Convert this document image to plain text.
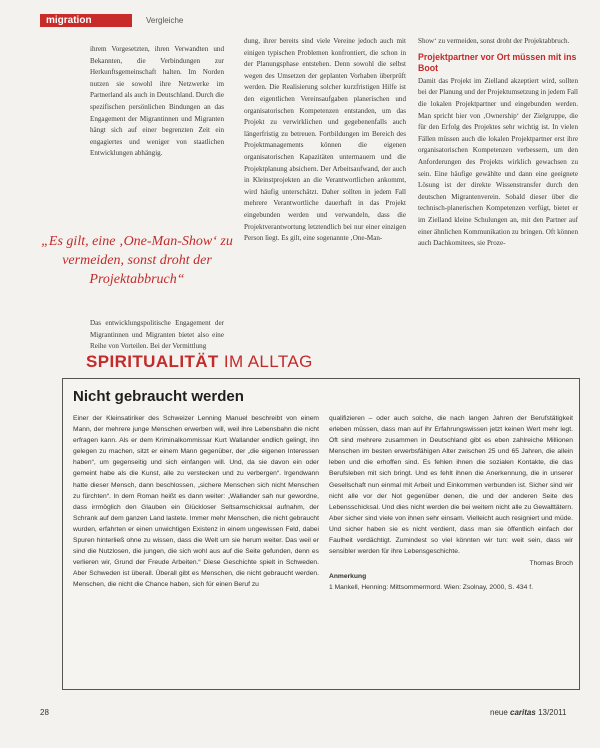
migration	Vergleiche

ihrem Vorgesetzten, ihren Verwandten und Bekannten, die Verbindungen zur Herkunftsgemeinschaft halten. Im Norden nutzen sie sowohl ihre Netzwerke im Partnerland als auch in Deutschland. Durch die spezifischen persönlichen Bindungen an das Engagement der Migrantinnen und Migranten hängt sich auf einer begrenzten Zeit ein engagiertes und weniger von staatlichen Entwicklungen abhängig.

„Es gilt, eine ‚One-Man-Show‘ zu vermeiden, sonst droht der Projektabbruch“

Das entwicklungspolitische Engagement der Migrantinnen und Migranten bietet also eine Reihe von Vorteilen. Bei der Vermittlung

dung, ihrer bereits sind viele Vereine jedoch auch mit einigen typischen Problemen konfrontiert, die schon in der Planungsphase entstehen. Denn sowohl die selbst wegen des Umsetzen der geplanten Vorhaben überprüft werden. Die Realisierung solcher kurzfristigen Hilfe ist den eigentlichen Vereinsaufgaben planerischen und organisatorischen Kompetenzen entstanden, um das Projekt zu verwirklichen und gegebenenfalls auch längerfristig zu betreuen. Fortbildungen im Bereich des Projektmanagements können die eigenen organisatorischen Kapazitäten untermauern und die Projektplanung absichern. Der Arbeitsaufwand, der auch in Kleinstprojekten an die Verantwortlichen ankommt, wird häufig unterschätzt. Daher sollten in jedem Fall mehrere Verantwortliche dauerhaft in das Projekt eingebunden werden und verwandeln, dass die Projektverantwortung letztendlich bei nur einer einzigen Person liegt. Es gilt, eine sogenannte ‚One-Man-

Show‘ zu vermeiden, sonst droht der Projektabbruch.

Projektpartner vor Ort müssen mit ins Boot

Damit das Projekt im Zielland akzeptiert wird, sollten bei der Planung und der Projektumsetzung in jedem Fall die lokalen Projektpartner und eingebunden werden. Man spricht hier von ‚Ownership‘ der Zielgruppe, die für den Erfolg des Projektes sehr wichtig ist. In vielen Fällen müssen auch die lokalen Projektpartner erst ihre organisatorischen Kompetenzen verbessern, um den Anforderungen des Projekts wirklich gewachsen zu sein. Eine häufige gewählte und dann eine geeignete Lösung ist der direkte Wissenstransfer durch den deutschen Migrantenverein. Sobald dieser über die technisch-planerischen Kompetenzen verfügt, bietet er im Zielland kleine Schulungen an, mit den Partner auf einer ähnlichen Kommunikation zu bringen. Oft können auch Dachkomitees, sie Proze-

SPIRITUALITÄT IM ALLTAG
Nicht gebraucht werden

Einer der Kleinsatiriker des Schweizer Lenning Manuel beschreibt von einem Mann, der mehrere junge Menschen erwerben will, weil ihre Lebensbahn die nicht erfragen kann. Als er dem Kriminalkommissar Kurt Wallander endlich gelingt, ihn gelegen zu machen, sitzt er einem Mann gegenüber, der „die eigenen Interessen haben“, um gegenseitig und sich einfangen will. Und, da sie davon ein oder gemeint habe als die Kunst, alle zu verstecken und zu verbergen“. Irgendwann hatte dieser Mensch, dann beschlossen, „sichere Menschen sich nicht Menschen zu fürchten“. In dem Roman heißt es dann weiter: „Wallander sah nur gewordne, dass irrmöglich den Glauben ein Glückloser Seltsamschicksal aufnahm, der Schrank auf dem ganzen Land lastete. Immer mehr Menschen, die nicht gebraucht wurden, erfahrten er einen unwichtigen Existenz in einem ungewissen Feld, dabei Spuren hinterließ ohne zu wissen, dass die Welt um sie herum weiter. Das weil er sind die Nutzlosen, die jungen, die sich wohl aus auf die Seite gefunden, denn es verlieren wir, Grund der Freude Arbeiten.“ Diese Geschichte spielt in Schweden. Aber Schweden ist überall. Überall gibt es Menschen, die nicht gebraucht werden. Menschen, die nicht die Chance haben, sich für einen Beruf zu

qualifizieren – oder auch solche, die nach langen Jahren der Berufstätigkeit erleben müssen, dass man auf ihr Erfahrungswissen jetzt keinen Wert mehr legt. Oft sind mehrere zusammen in Deutschland gibt es eben zahlreiche Millionen Menschen im besten erwerbsfähigen Alter zwischen 25 und 65 Jahren, die allein leben und die erhoffen sind. Es fehlen ihnen die sozialen Kontakte, die das Berufsleben mit sich bringt. Und es fehlt ihnen die Anerkennung, die in unserer Gesellschaft nun einmal mit Arbeit und Einkommen verbunden ist. Sicher sind wir nicht alle vor der Not gegenüber denen, die und der anderen Seite des Lebensschicksal. Und dies nicht werden die bei weitem nicht alle zu Gewalttätern. Aber sicher sind viele von ihnen sehr einsam. Vielleicht auch resigniert und müde. Und sicher haben sie es nicht verdient, dass man sie öffentlich einfach der Faulheit verdächtigt. Zumindest so viel könnten wir tun: weit sein, dass wir sensibler werden für ihre Lebensgeschichte.

Thomas Broch
Anmerkung
1 Mankell, Henning: Mittsommermord. Wien: Zsolnay, 2000, S. 434 f.
28	neue caritas 13/2011
